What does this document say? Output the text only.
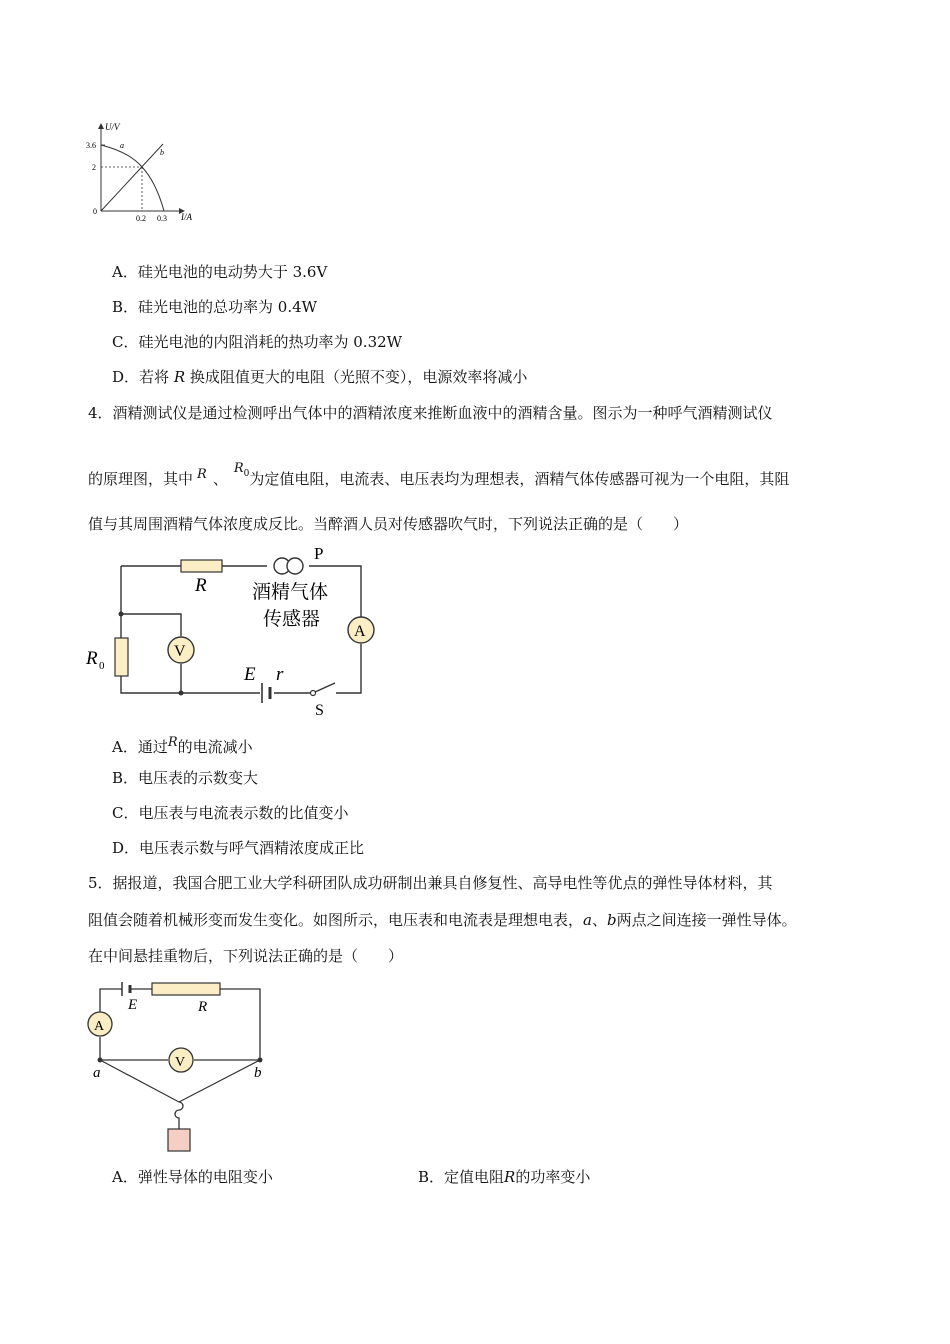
U/V
I/A
3.6
2
0
0.2 0.3
a
b
A．硅光电池的电动势大于 3.6V
B．硅光电池的总功率为 0.4W
C．硅光电池的内阻消耗的热功率为 0.32W
D．若将 R 换成阻值更大的电阻（光照不变），电源效率将减小
4．酒精测试仪是通过检测呼出气体中的酒精浓度来推断血液中的酒精含量。图示为一种呼气酒精测试仪
的原理图，其中 R 、$R^0$为定值电阻，电流表、电压表均为理想表，酒精气体传感器可视为一个电阻，其阻
值与其周围酒精气体浓度成反比。当醉酒人员对传感器吹气时，下列说法正确的是（　　）
R
P
酒精气体
传感器
A
R 0
V
E r
S
A．通过R的电流减小
B．电压表的示数变大
C．电压表与电流表示数的比值变小
D．电压表示数与呼气酒精浓度成正比
5．据报道，我国合肥工业大学科研团队成功研制出兼具自修复性、高导电性等优点的弹性导体材料，其
阻值会随着机械形变而发生变化。如图所示，电压表和电流表是理想电表，a、b两点之间连接一弹性导体。
在中间悬挂重物后，下列说法正确的是（　　）
E	R
A
V
a	b
A．弹性导体的电阻变小	B．定值电阻R的功率变小
